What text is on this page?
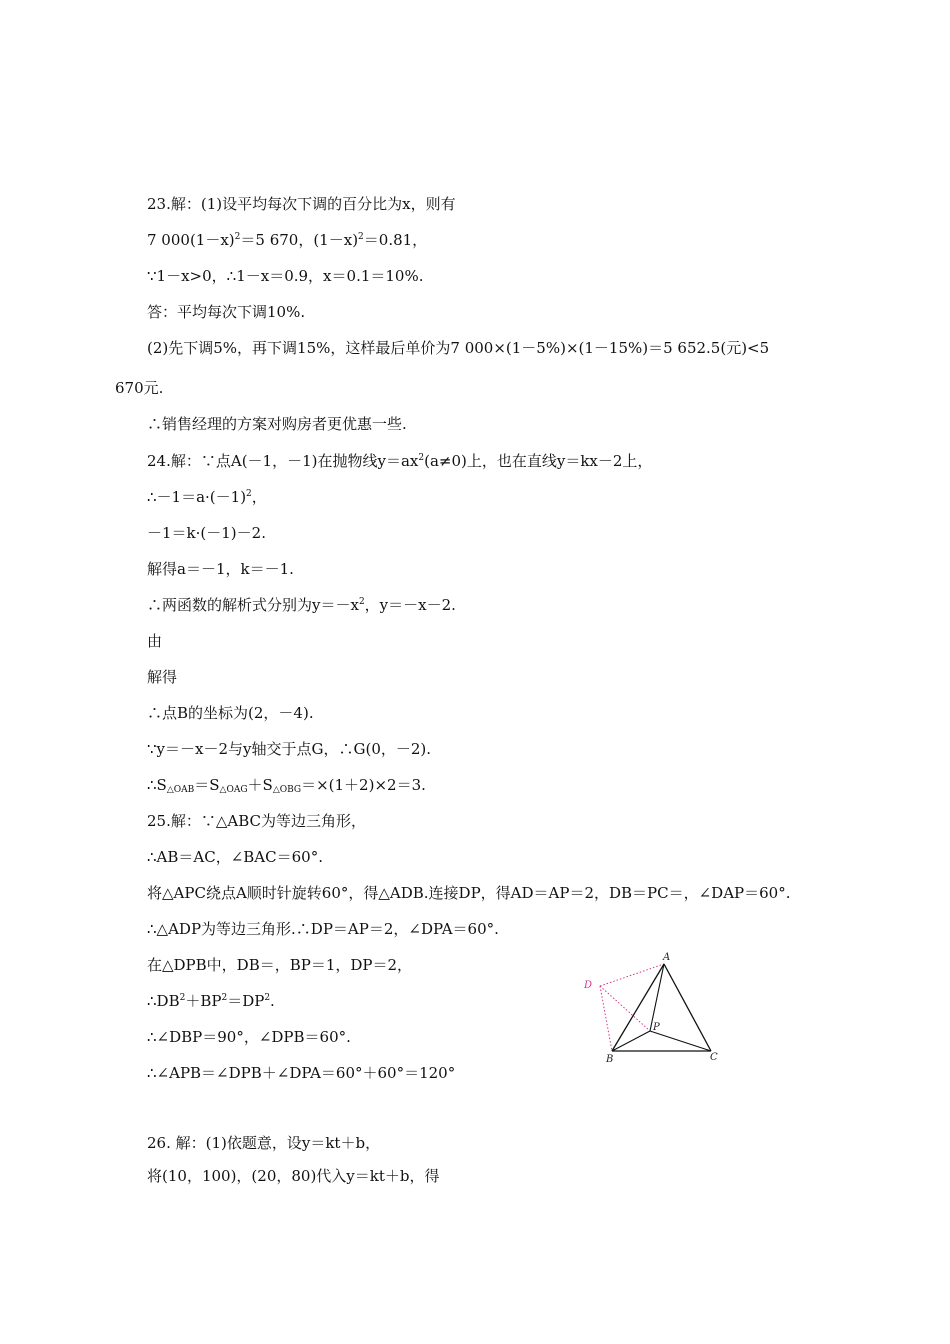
23.解：(1)设平均每次下调的百分比为x，则有
7 $000(1-x)^2=5$ 670，$(1-x)^2=0.81$，
∵1－x>0，∴1－x＝0.9，x＝0.1＝10%.
答：平均每次下调10%.
(2)先下调5%，再下调15%，这样最后单价为7 000×(1－5%)×(1－15%)＝5 652.5(元)<5
670元.
∴销售经理的方案对购房者更优惠一些.
24.解：∵点A(－1，－1)在抛物线$y=ax^2(a\ne 0)$上，也在直线y＝kx－2上，
$\therefore-1=a\cdot(-1)^2$，
－1＝k·(－1)－2.
解得a＝－1，k＝－1.
∴两函数的解析式分别为$y=-x^2$，y＝－x－2.
由
解得
∴点B的坐标为(2，－4).
∵y＝－x－2与y轴交于点G，∴G(0，－2).
$\therefore S_{\triangle OAB}=S_{\triangle OAG}+S_{\triangle OBG}=\times(1+2)\times 2=3$.
25.解：∵△ABC为等边三角形，
∴AB＝AC，∠BAC＝60°.
将△APC绕点A顺时针旋转60°，得△ADB.连接DP，得AD＝AP＝2，DB＝PC＝，∠DAP＝60°.
∴△ADP为等边三角形.∴DP＝AP＝2，∠DPA＝60°.
在△DPB中，DB＝，BP＝1，DP＝2，
$\therefore DB^2+BP^2=DP^2$.
∴∠DBP＝90°，∠DPB＝60°.
∴∠APB＝∠DPB＋∠DPA＝60°＋60°＝120°
26. 解：(1)依题意，设y＝kt＋b，
将(10，100)，(20，80)代入y＝kt＋b，得
A
D
P
B	C
